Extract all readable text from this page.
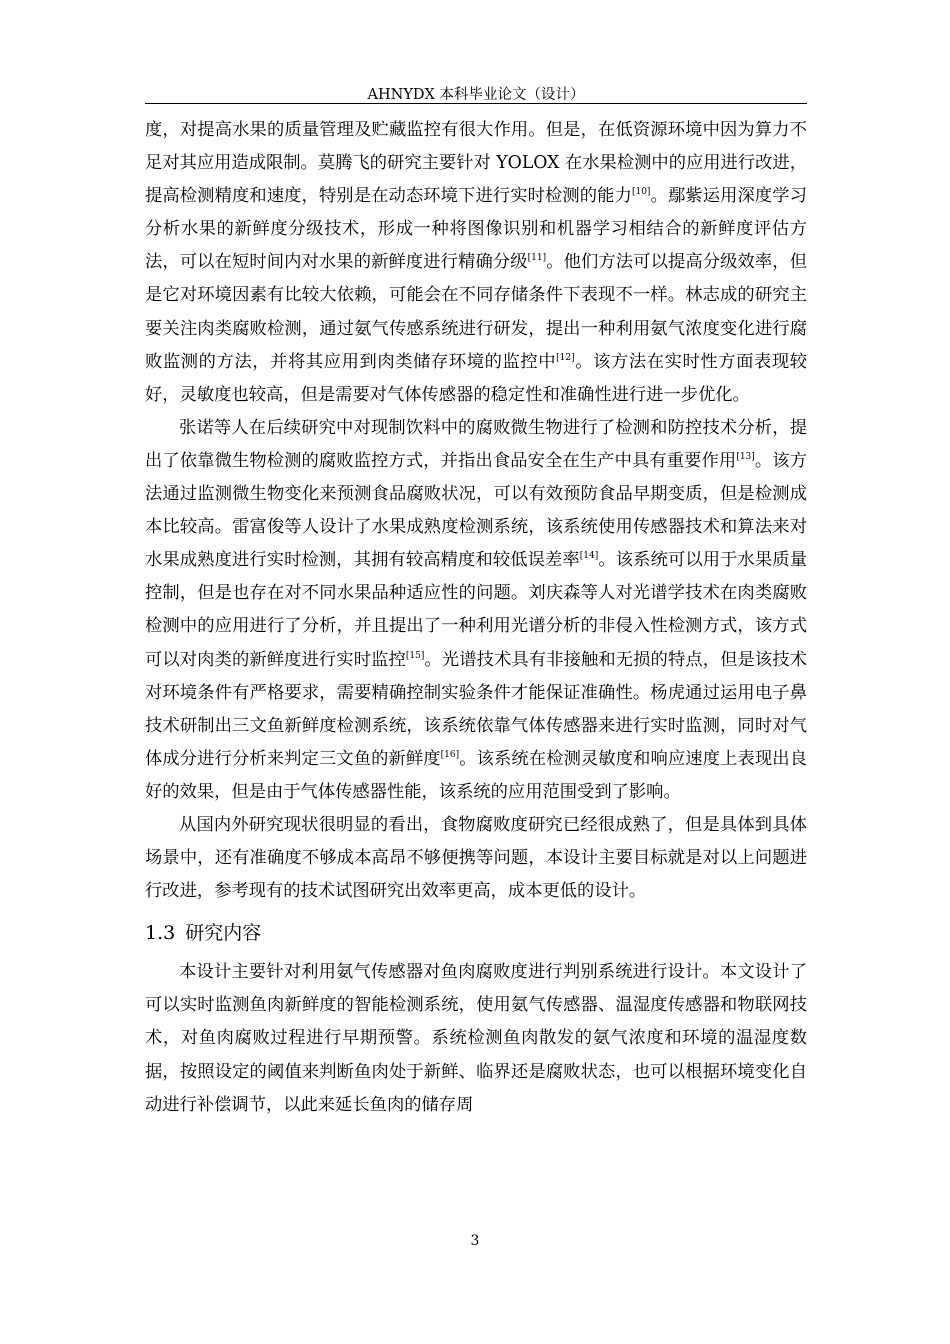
AHNYDX 本科毕业论文（设计）

度，对提高水果的质量管理及贮藏监控有很大作用。但是，在低资源环境中因为算力不足对其应用造成限制。莫腾飞的研究主要针对 YOLOX 在水果检测中的应用进行改进，提高检测精度和速度，特别是在动态环境下进行实时检测的能力[10]。鄢紫运用深度学习分析水果的新鲜度分级技术，形成一种将图像识别和机器学习相结合的新鲜度评估方法，可以在短时间内对水果的新鲜度进行精确分级[11]。他们方法可以提高分级效率，但是它对环境因素有比较大依赖，可能会在不同存储条件下表现不一样。林志成的研究主要关注肉类腐败检测，通过氨气传感系统进行研发，提出一种利用氨气浓度变化进行腐败监测的方法，并将其应用到肉类储存环境的监控中[12]。该方法在实时性方面表现较好，灵敏度也较高，但是需要对气体传感器的稳定性和准确性进行进一步优化。

张诺等人在后续研究中对现制饮料中的腐败微生物进行了检测和防控技术分析，提出了依靠微生物检测的腐败监控方式，并指出食品安全在生产中具有重要作用[13]。该方法通过监测微生物变化来预测食品腐败状况，可以有效预防食品早期变质，但是检测成本比较高。雷富俊等人设计了水果成熟度检测系统，该系统使用传感器技术和算法来对水果成熟度进行实时检测，其拥有较高精度和较低误差率[14]。该系统可以用于水果质量控制，但是也存在对不同水果品种适应性的问题。刘庆森等人对光谱学技术在肉类腐败检测中的应用进行了分析，并且提出了一种利用光谱分析的非侵入性检测方式，该方式可以对肉类的新鲜度进行实时监控[15]。光谱技术具有非接触和无损的特点，但是该技术对环境条件有严格要求，需要精确控制实验条件才能保证准确性。杨虎通过运用电子鼻技术研制出三文鱼新鲜度检测系统，该系统依靠气体传感器来进行实时监测，同时对气体成分进行分析来判定三文鱼的新鲜度[16]。该系统在检测灵敏度和响应速度上表现出良好的效果，但是由于气体传感器性能，该系统的应用范围受到了影响。

从国内外研究现状很明显的看出，食物腐败度研究已经很成熟了，但是具体到具体场景中，还有准确度不够成本高昂不够便携等问题，本设计主要目标就是对以上问题进行改进，参考现有的技术试图研究出效率更高，成本更低的设计。

1.3 研究内容

本设计主要针对利用氨气传感器对鱼肉腐败度进行判别系统进行设计。本文设计了可以实时监测鱼肉新鲜度的智能检测系统，使用氨气传感器、温湿度传感器和物联网技术，对鱼肉腐败过程进行早期预警。系统检测鱼肉散发的氨气浓度和环境的温湿度数据，按照设定的阈值来判断鱼肉处于新鲜、临界还是腐败状态，也可以根据环境变化自动进行补偿调节，以此来延长鱼肉的储存周

3
